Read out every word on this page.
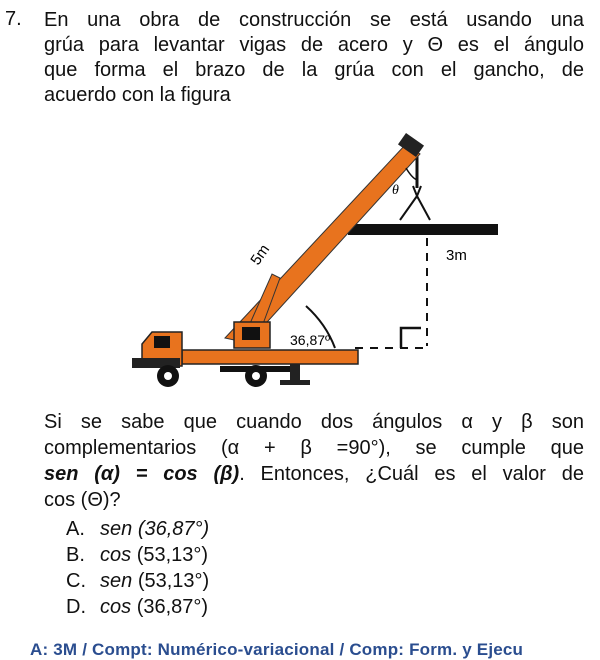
7. En una obra de construcción se está usando una
grúa para levantar vigas de acero y Θ es el ángulo
que forma el brazo de la grúa con el gancho, de
acuerdo con la figura
5m	3m
θ
36,87º
Si se sabe que cuando dos ángulos α y β son
complementarios (α + β =90°), se cumple que
sen (α) = cos (β). Entonces, ¿Cuál es el valor de
cos (Θ)?
A. sen (36,87°)
B. cos (53,13°)
C. sen (53,13°)
D. cos (36,87°)
A: 3M / Compt: Numérico-variacional / Comp: Form. y Ejecu
